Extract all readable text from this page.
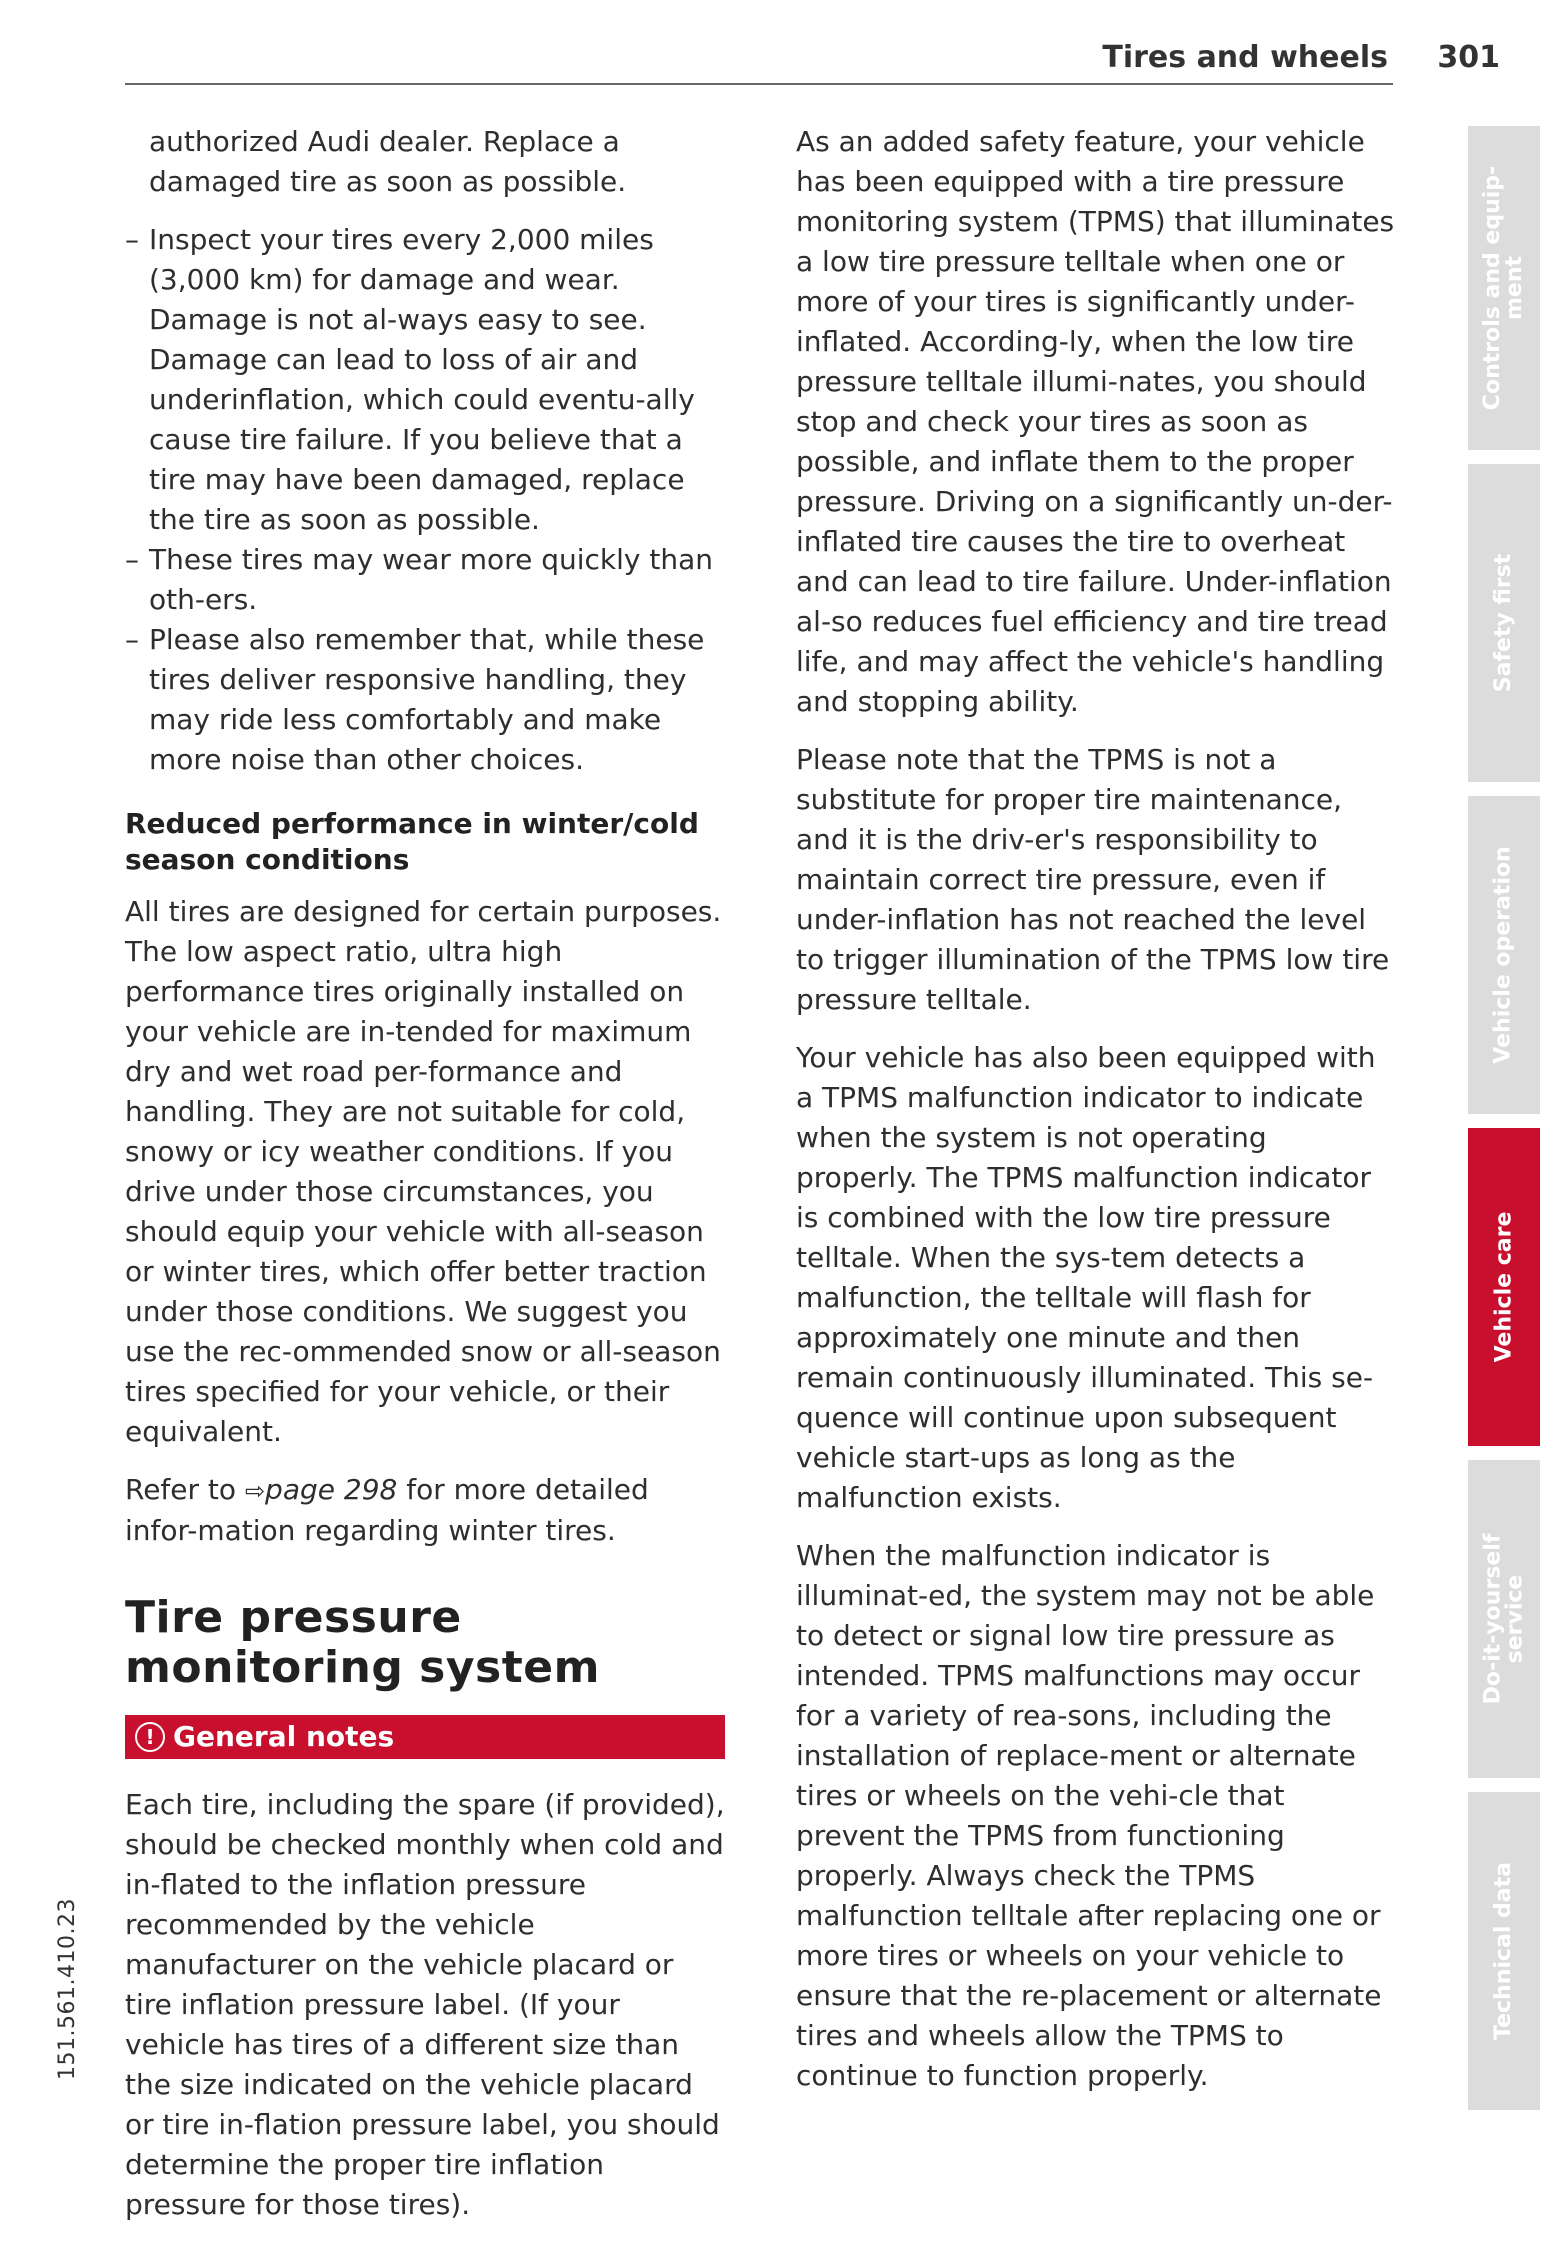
Tires and wheels 301

authorized Audi dealer. Replace a damaged tire as soon as possible.

– Inspect your tires every 2,000 miles (3,000 km) for damage and wear. Damage is not al-ways easy to see. Damage can lead to loss of air and underinflation, which could eventu-ally cause tire failure. If you believe that a tire may have been damaged, replace the tire as soon as possible.
– These tires may wear more quickly than oth-ers.
– Please also remember that, while these tires deliver responsive handling, they may ride less comfortably and make more noise than other choices.
Reduced performance in winter/cold season conditions

All tires are designed for certain purposes. The low aspect ratio, ultra high performance tires originally installed on your vehicle are in-tended for maximum dry and wet road per-formance and handling. They are not suitable for cold, snowy or icy weather conditions. If you drive under those circumstances, you should equip your vehicle with all-season or winter tires, which offer better traction under those conditions. We suggest you use the rec-ommended snow or all-season tires specified for your vehicle, or their equivalent.

Refer to ⇨page 298 for more detailed infor-mation regarding winter tires.

Tire pressure
monitoring system
! General notes

Each tire, including the spare (if provided), should be checked monthly when cold and in-flated to the inflation pressure recommended by the vehicle manufacturer on the vehicle placard or tire inflation pressure label. (If your vehicle has tires of a different size than the size indicated on the vehicle placard or tire in-flation pressure label, you should determine the proper tire inflation pressure for those tires).

As an added safety feature, your vehicle has been equipped with a tire pressure monitoring system (TPMS) that illuminates a low tire pressure telltale when one or more of your tires is significantly under-inflated. According-ly, when the low tire pressure telltale illumi-nates, you should stop and check your tires as soon as possible, and inflate them to the proper pressure. Driving on a significantly un-der-inflated tire causes the tire to overheat and can lead to tire failure. Under-inflation al-so reduces fuel efficiency and tire tread life, and may affect the vehicle's handling and stopping ability.

Please note that the TPMS is not a substitute for proper tire maintenance, and it is the driv-er's responsibility to maintain correct tire pressure, even if under-inflation has not reached the level to trigger illumination of the TPMS low tire pressure telltale.

Your vehicle has also been equipped with a TPMS malfunction indicator to indicate when the system is not operating properly. The TPMS malfunction indicator is combined with the low tire pressure telltale. When the sys-tem detects a malfunction, the telltale will flash for approximately one minute and then remain continuously illuminated. This se-quence will continue upon subsequent vehicle start-ups as long as the malfunction exists.

When the malfunction indicator is illuminat-ed, the system may not be able to detect or signal low tire pressure as intended. TPMS malfunctions may occur for a variety of rea-sons, including the installation of replace-ment or alternate tires or wheels on the vehi-cle that prevent the TPMS from functioning properly. Always check the TPMS malfunction telltale after replacing one or more tires or wheels on your vehicle to ensure that the re-placement or alternate tires and wheels allow the TPMS to continue to function properly.

Controls and equip-
ment
Safety first
Vehicle operation
Vehicle care
Do-it-yourself
service
Technical data
151.561.410.23
